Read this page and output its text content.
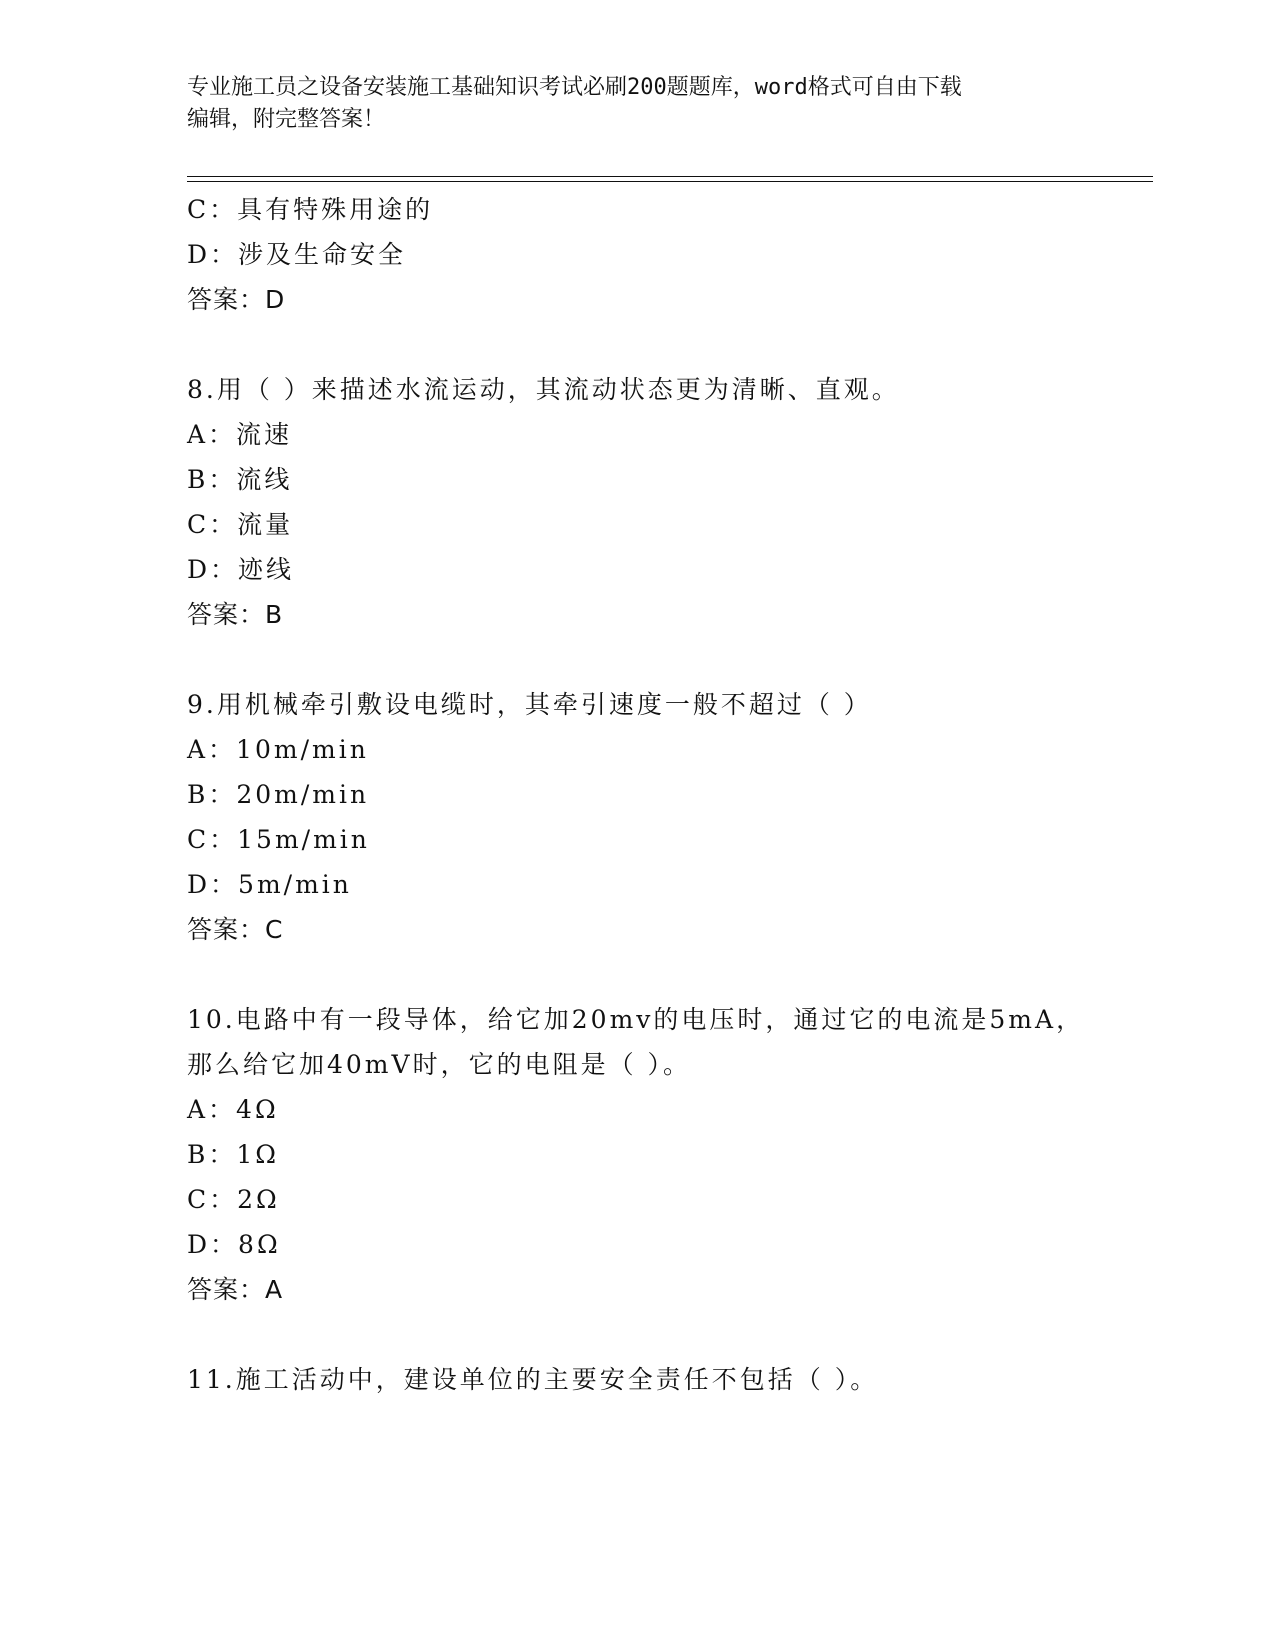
专业施工员之设备安装施工基础知识考试必刷200题题库，word格式可自由下载
编辑，附完整答案！
C：具有特殊用途的
D：涉及生命安全
答案：D
8.用（ ）来描述水流运动，其流动状态更为清晰、直观。
A：流速
B：流线
C：流量
D：迹线
答案：B
9.用机械牵引敷设电缆时，其牵引速度一般不超过（ ）
A：10m/min
B：20m/min
C：15m/min
D：5m/min
答案：C
10.电路中有一段导体，给它加20mv的电压时，通过它的电流是5mA，
那么给它加40mV时，它的电阻是（ ）。
A：4Ω
B：1Ω
C：2Ω
D：8Ω
答案：A
11.施工活动中，建设单位的主要安全责任不包括（ ）。
